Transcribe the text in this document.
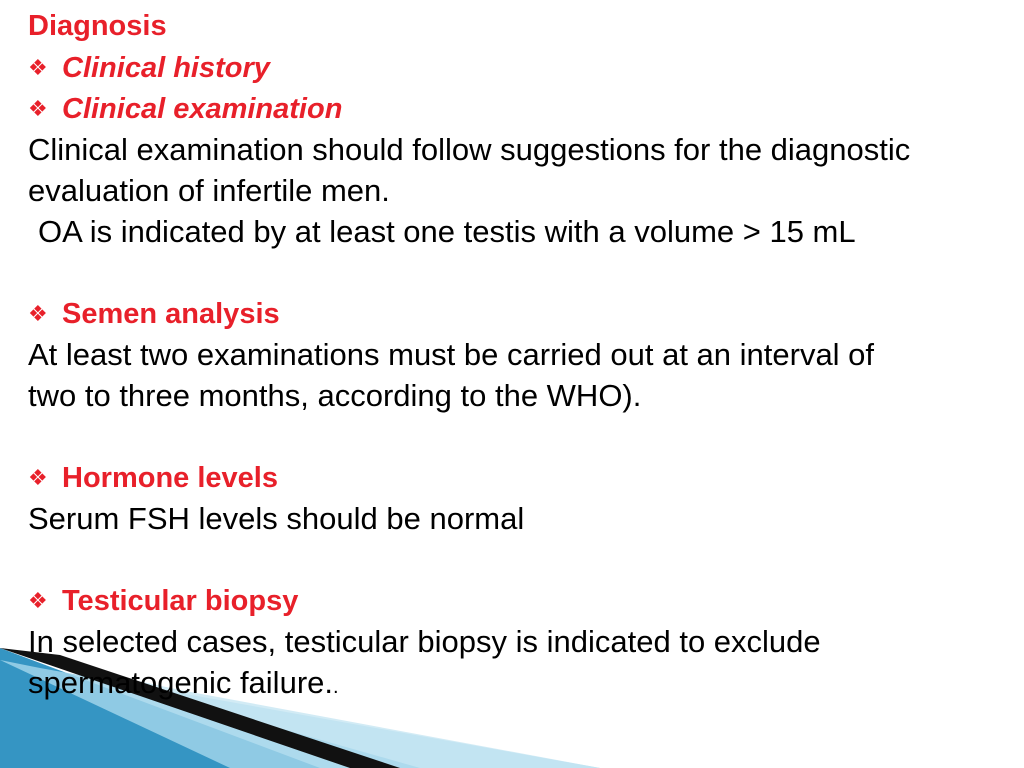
Diagnosis
❖ Clinical history
❖ Clinical examination
Clinical examination should follow suggestions for the diagnostic
evaluation of infertile men.
OA is indicated by at least one testis with a volume > 15 mL
❖ Semen analysis
At least two examinations must be carried out at an interval of
two to three months, according to the WHO).
❖ Hormone levels
Serum FSH levels should be normal
❖ Testicular biopsy
In selected cases, testicular biopsy is indicated to exclude
spermatogenic failure..
